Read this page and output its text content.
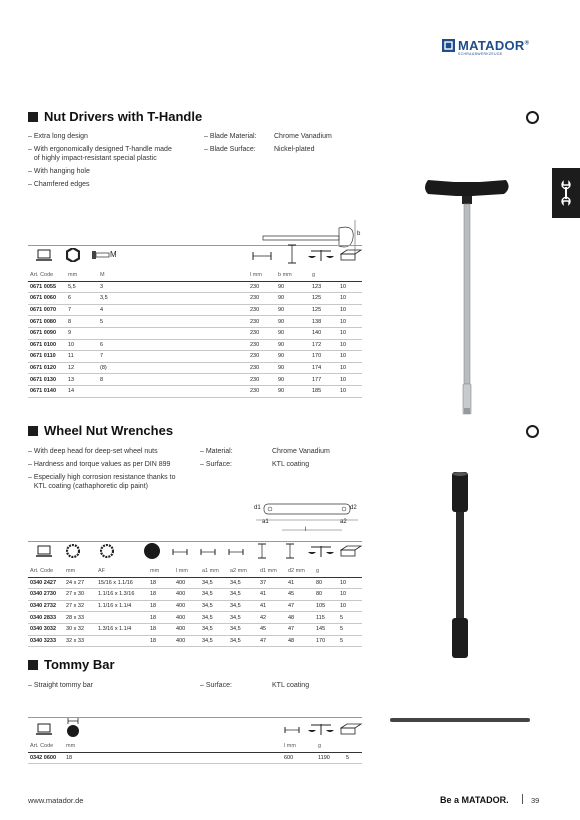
MATADOR®
SCHRAUBWERKZEUGE
Nut Drivers with T-Handle
– Extra long design
– With ergonomically designed T-handle made
of highly impact-resistant special plastic
– With hanging hole
– Chamfered edges
– Blade Material: Chrome Vanadium
– Blade Surface:	Nickel-plated
b
M
Art. Code	mm	M	l mm	b mm	g	
0671 0055	5,5	3	230	90	123	10
0671 0060	6	3,5	230	90	125	10
0671 0070	7	4	230	90	125	10
0671 0080	8	5	230	90	138	10
0671 0090	9		230	90	140	10
0671 0100	10	6	230	90	172	10
0671 0110	11	7	230	90	170	10
0671 0120	12	(8)	230	90	174	10
0671 0130	13	8	230	90	177	10
0671 0140	14		230	90	185	10
Wheel Nut Wrenches
– With deep head for deep-set wheel nuts
– Hardness and torque values as per DIN 899
– Especially high corrosion resistance thanks to
KTL coating (cathaphoretic dip paint)
– Material:	Chrome Vanadium
– Surface:	KTL coating
d1	d2
a1	a2
l
Art. Code	mm	AF	mm	l mm	a1 mm	a2 mm	d1 mm	d2 mm	g	
0340 2427	24 x 27	15/16 x 1.1/16	18	400	34,5	34,5	37	41	80	10
0340 2730	27 x 30	1.1/16 x 1.3/16	18	400	34,5	34,5	41	45	80	10
0340 2732	27 x 32	1.1/16 x 1.1/4	18	400	34,5	34,5	41	47	105	10
0340 2833	28 x 33		18	400	34,5	34,5	42	48	115	5
0340 3032	30 x 32	1.3/16 x 1.1/4	18	400	34,5	34,5	45	47	145	5
0340 3233	32 x 33		18	400	34,5	34,5	47	48	170	5
Tommy Bar
– Straight tommy bar	– Surface:	KTL coating
Art. Code	mm	l mm	g	
0342 0600	18	600	1190	5
www.matador.de	Be a MATADOR.	39
